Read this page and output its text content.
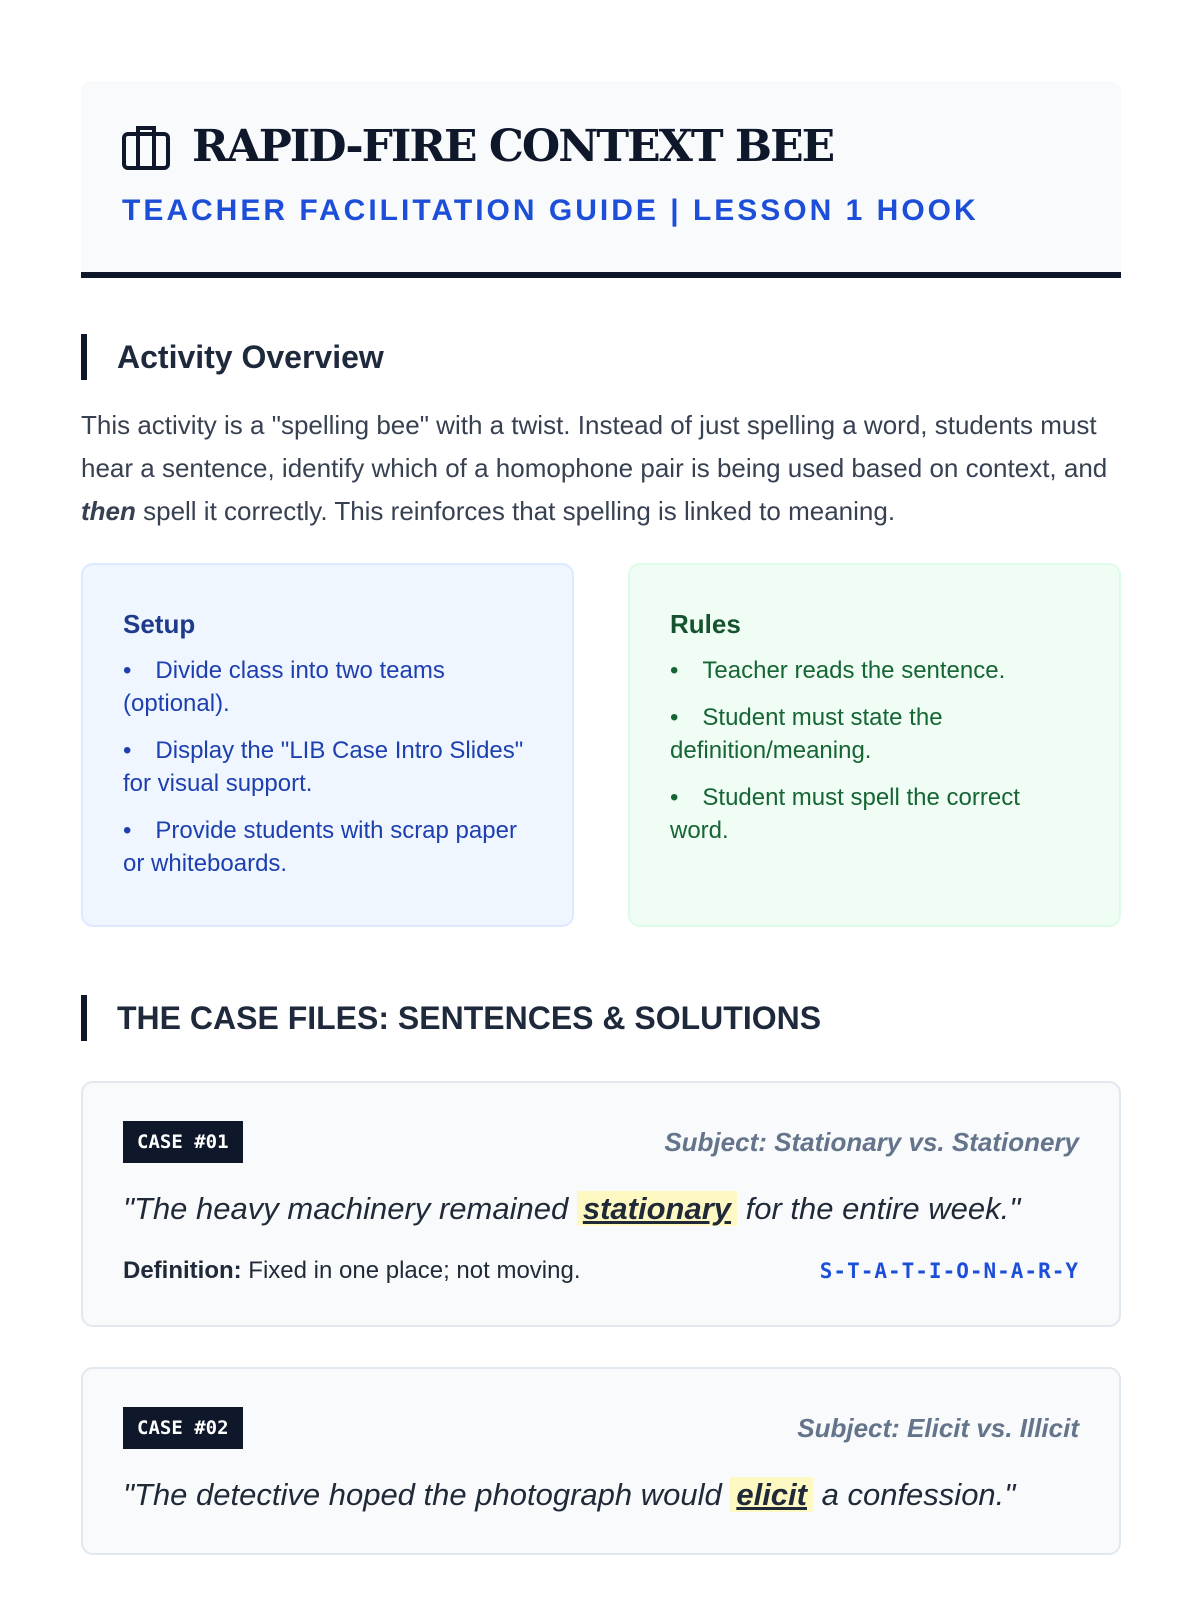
RAPID-FIRE CONTEXT BEE
TEACHER FACILITATION GUIDE | LESSON 1 HOOK
Activity Overview

This activity is a "spelling bee" with a twist. Instead of just spelling a word, students must hear a sentence, identify which of a homophone pair is being used based on context, and then spell it correctly. This reinforces that spelling is linked to meaning.

Setup
• Divide class into two teams (optional).
• Display the "LIB Case Intro Slides" for visual support.
• Provide students with scrap paper or whiteboards.
Rules
• Teacher reads the sentence.
• Student must state the definition/meaning.
• Student must spell the correct word.
THE CASE FILES: SENTENCES & SOLUTIONS
CASE #01	Subject: Stationary vs. Stationery
"The heavy machinery remained stationary for the entire week."
Definition: Fixed in one place; not moving.	S-T-A-T-I-O-N-A-R-Y
CASE #02	Subject: Elicit vs. Illicit
"The detective hoped the photograph would elicit a confession."
